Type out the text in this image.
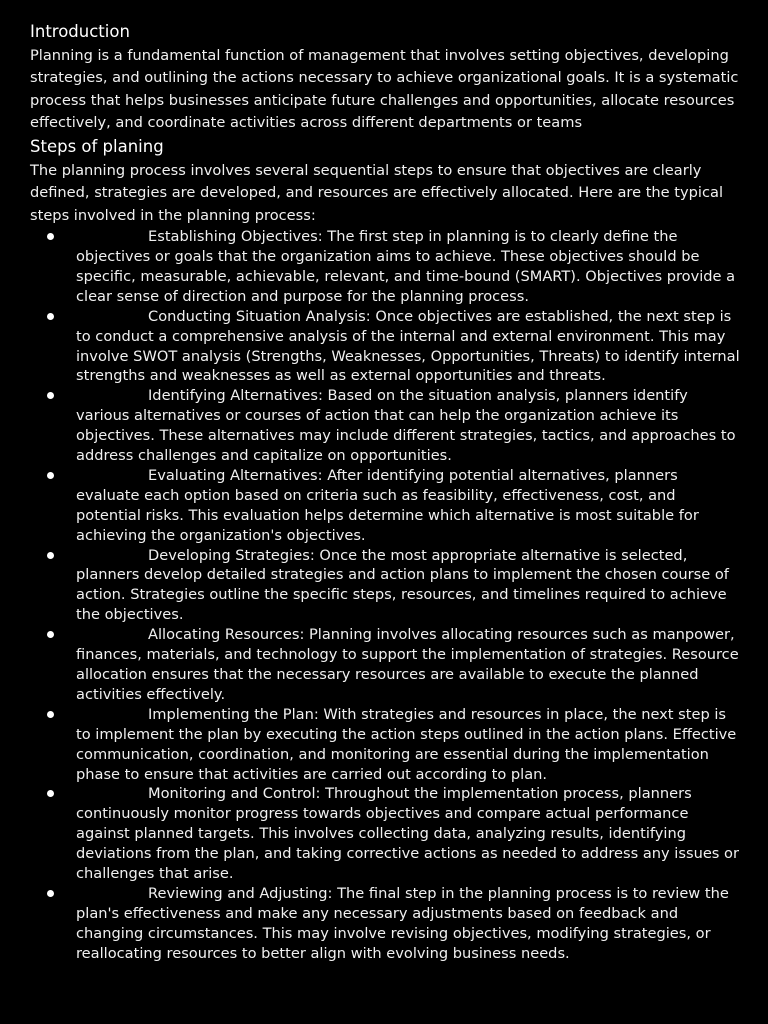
Introduction

Planning is a fundamental function of management that involves setting objectives, developing strategies, and outlining the actions necessary to achieve organizational goals. It is a systematic process that helps businesses anticipate future challenges and opportunities, allocate resources effectively, and coordinate activities across different departments or teams

Steps of planing

The planning process involves several sequential steps to ensure that objectives are clearly defined, strategies are developed, and resources are effectively allocated. Here are the typical steps involved in the planning process:

Establishing Objectives: The first step in planning is to clearly define the objectives or goals that the organization aims to achieve. These objectives should be specific, measurable, achievable, relevant, and time-bound (SMART). Objectives provide a clear sense of direction and purpose for the planning process.
Conducting Situation Analysis: Once objectives are established, the next step is to conduct a comprehensive analysis of the internal and external environment. This may involve SWOT analysis (Strengths, Weaknesses, Opportunities, Threats) to identify internal strengths and weaknesses as well as external opportunities and threats.
Identifying Alternatives: Based on the situation analysis, planners identify various alternatives or courses of action that can help the organization achieve its objectives. These alternatives may include different strategies, tactics, and approaches to address challenges and capitalize on opportunities.
Evaluating Alternatives: After identifying potential alternatives, planners evaluate each option based on criteria such as feasibility, effectiveness, cost, and potential risks. This evaluation helps determine which alternative is most suitable for achieving the organization's objectives.
Developing Strategies: Once the most appropriate alternative is selected, planners develop detailed strategies and action plans to implement the chosen course of action. Strategies outline the specific steps, resources, and timelines required to achieve the objectives.
Allocating Resources: Planning involves allocating resources such as manpower, finances, materials, and technology to support the implementation of strategies. Resource allocation ensures that the necessary resources are available to execute the planned activities effectively.
Implementing the Plan: With strategies and resources in place, the next step is to implement the plan by executing the action steps outlined in the action plans. Effective communication, coordination, and monitoring are essential during the implementation phase to ensure that activities are carried out according to plan.
Monitoring and Control: Throughout the implementation process, planners continuously monitor progress towards objectives and compare actual performance against planned targets. This involves collecting data, analyzing results, identifying deviations from the plan, and taking corrective actions as needed to address any issues or challenges that arise.
Reviewing and Adjusting: The final step in the planning process is to review the plan's effectiveness and make any necessary adjustments based on feedback and changing circumstances. This may involve revising objectives, modifying strategies, or reallocating resources to better align with evolving business needs.
